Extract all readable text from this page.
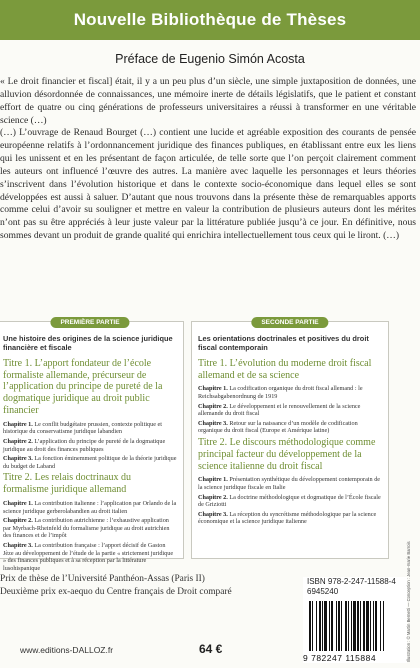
Nouvelle Bibliothèque de Thèses
Préface de Eugenio Simón Acosta

« Le droit financier et fiscal] était, il y a un peu plus d’un siècle, une simple juxtaposition de données, une alluvion désordonnée de connaissances, une mémoire inerte de détails législatifs, que le patient et constant effort de quatre ou cinq générations de professeurs universitaires a réussi à transformer en une véritable science (…)

(…) L’ouvrage de Renaud Bourget (…) contient une lucide et agréable exposition des courants de pensée européenne relatifs à l’ordonnancement juridique des finances publiques, en établissant entre eux les liens qui les unissent et en les présentant de façon articulée, de telle sorte que l’on perçoit clairement comment les auteurs ont influencé l’œuvre des autres. La manière avec laquelle les personnages et leurs théories s’inscrivent dans l’évolution historique et dans le contexte socio-économique dans lequel elles se sont développées est aussi à saluer. D’autant que nous trouvons dans la présente thèse de remarquables apports comme celui d’avoir su souligner et mettre en valeur la contribution de plusieurs auteurs dont les mérites n’ont pas su être appréciés à leur juste valeur par la littérature publiée jusqu’à ce jour. En définitive, nous sommes devant un produit de grande qualité qui enrichira intellectuellement tous ceux qui le liront. (…)

PREMIÈRE PARTIE
Une histoire des origines de la science juridique financière et fiscale
Titre 1. L’apport fondateur de l’école formaliste allemande, précurseur de l’application du principe de pureté de la dogmatique juridique au droit public financier
Chapitre 1. Le conflit budgétaire prussien, contexte politique et historique du conservatisme juridique labandien
Chapitre 2. L’application du principe de pureté de la dogmatique juridique au droit des finances publiques
Chapitre 3. La fonction éminemment politique de la théorie juridique du budget de Laband
Titre 2. Les relais doctrinaux du formalisme juridique allemand
Chapitre 1. La contribution italienne : l’application par Orlando de la science juridique gerberolabandien au droit italien
Chapitre 2. La contribution autrichienne : l’exhaustive application par Myrbach-Rheinfeld du formalisme juridique au droit autrichien des finances et de l’impôt
Chapitre 3. La contribution française : l’apport décisif de Gaston Jèze au développement de l’étude de la partie « strictement juridique » des finances publiques et à sa réception par la littérature lusohispanique
SECONDE PARTIE
Les orientations doctrinales et positives du droit fiscal contemporain
Titre 1. L’évolution du moderne droit fiscal allemand et de sa science
Chapitre 1. La codification organique du droit fiscal allemand : le Reichsabgabenordnung de 1919
Chapitre 2. Le développement et le renouvellement de la science allemande du droit fiscal
Chapitre 3. Retour sur la naissance d’un modèle de codification organique du droit fiscal (Europe et Amérique latine)
Titre 2. Le discours méthodologique comme principal facteur du développement de la science italienne du droit fiscal
Chapitre 1. Présentation synthétique du développement contemporain de la science juridique fiscale en Italie
Chapitre 2. La doctrine méthodologique et dogmatique de l’École fiscale de Griziotti
Chapitre 3. La réception du syncrétisme méthodologique par la science économique et la science juridique italienne
Prix de thèse de l’Université Panthéon-Assas (Paris II)
Deuxième prix ex-aequo du Centre français de Droit comparé
ISBN 978-2-247-11588-4
6945240
9 782247 115884	Illustration : © Martin Bernetti — Conception : Jean-marie Barrois
www.editions-DALLOZ.fr	64 €
